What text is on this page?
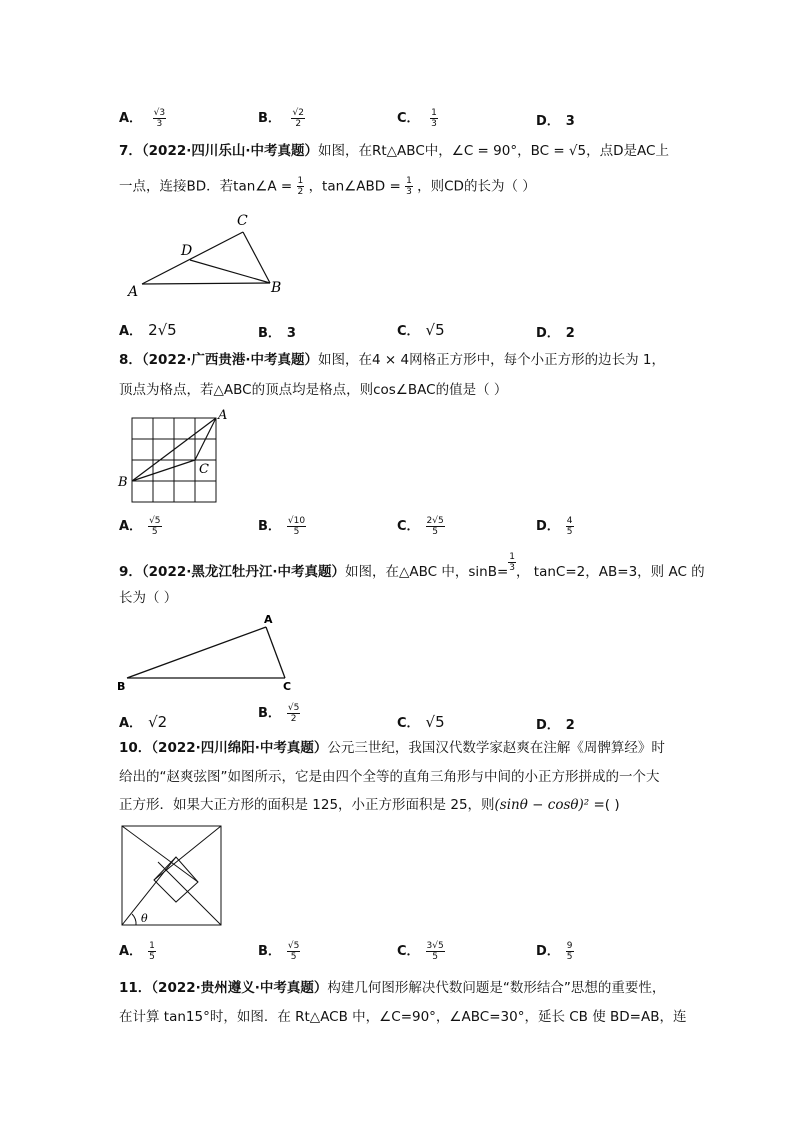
A． $\frac{√3}{3}$	B． $\frac{√2}{2}$	C． $\frac{1}{3}$	D． 3
7．（2022·四川乐山·中考真题）如图，在Rt△ABC中，∠C = 90°，BC = √5，点D是AC上
一点，连接BD．若tan∠A = $\frac{1}{2}$ ，tan∠ABD = $\frac{1}{3}$ ，则CD的长为（ ）
C
D
A	B
A． 2√5	B． 3	C． √5	D． 2
8．（2022·广西贵港·中考真题）如图，在4 × 4网格正方形中，每个小正方形的边长为 1，
顶点为格点，若△ABC的顶点均是格点，则cos∠BAC的值是（ ）
A
B
C
A． $\frac{√5}{5}$	B． $\frac{√10}{5}$	C． $\frac{2√5}{5}$	D． $\frac{4}{5}$
9．（2022·黑龙江牡丹江·中考真题）如图，在△ABC 中，$\sin B= \frac{1}{3}$ ， tanC=2，AB=3，则 AC 的
长为（ ）
A
B	C
A． √2	B． $\frac{√5}{2}$	C． √5	D． 2
10．（2022·四川绵阳·中考真题）公元三世纪，我国汉代数学家赵爽在注解《周髀算经》时
给出的“赵爽弦图”如图所示，它是由四个全等的直角三角形与中间的小正方形拼成的一个大
正方形．如果大正方形的面积是 125，小正方形面积是 25，则(sinθ − cosθ)² =( )
θ
A． $\frac{1}{5}$	B． $\frac{√5}{5}$	C． $\frac{3√5}{5}$	D． $\frac{9}{5}$
11．（2022·贵州遵义·中考真题）构建几何图形解决代数问题是“数形结合”思想的重要性，
在计算 tan15°时，如图．在 Rt△ACB 中，∠C=90°，∠ABC=30°，延长 CB 使 BD=AB，连
